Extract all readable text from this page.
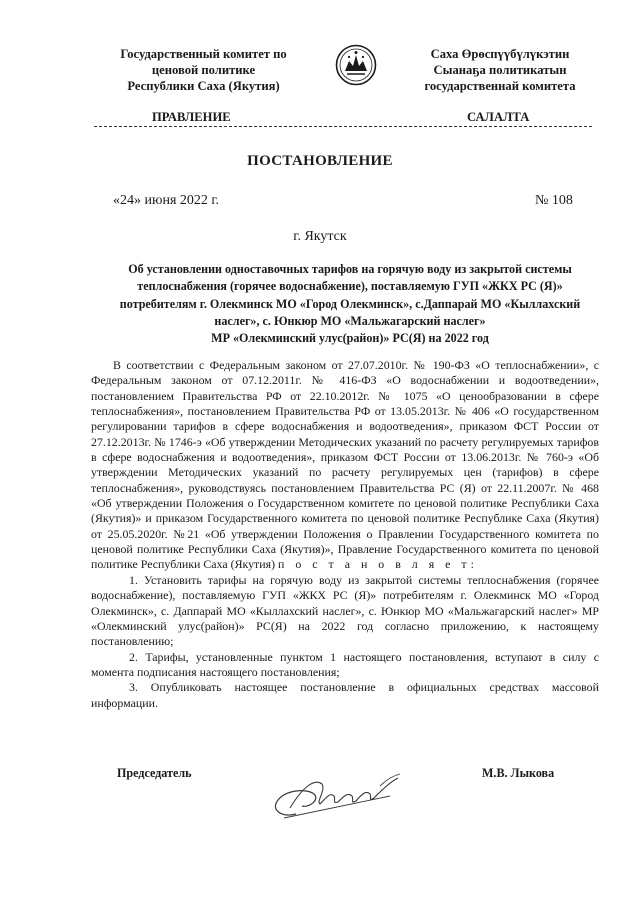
Государственный комитет по
ценовой политике
Республики Саха (Якутия)
Саха Өрөспүүбүлүкэтин
Сыанаҕа политикатын
государственнай комитета
ПРАВЛЕНИЕ	САЛАЛТА
ПОСТАНОВЛЕНИЕ
«24» июня 2022 г.	№ 108
г. Якутск
Об установлении одноставочных тарифов на горячую воду из закрытой системы
теплоснабжения (горячее водоснабжение), поставляемую ГУП «ЖКХ РС (Я)»
потребителям г. Олекминск МО «Город Олекминск», с.Даппарай МО «Кыллахский
наслег», с. Юнкюр МО «Мальжагарский наслег»
МР «Олекминский улус(район)» РС(Я) на 2022 год

В соответствии с Федеральным законом от 27.07.2010г. № 190-ФЗ «О теплоснабжении», с Федеральным законом от 07.12.2011г. № 416-ФЗ «О водоснабжении и водоотведении», постановлением Правительства РФ от 22.10.2012г. № 1075 «О ценообразовании в сфере теплоснабжения», постановлением Правительства РФ от 13.05.2013г. № 406 «О государственном регулировании тарифов в сфере водоснабжения и водоотведения», приказом ФСТ России от 27.12.2013г. № 1746-э «Об утверждении Методических указаний по расчету регулируемых тарифов в сфере водоснабжения и водоотведения», приказом ФСТ России от 13.06.2013г. № 760-э «Об утверждении Методических указаний по расчету регулируемых цен (тарифов) в сфере теплоснабжения», руководствуясь постановлением Правительства РС (Я) от 22.11.2007г. № 468 «Об утверждении Положения о Государственном комитете по ценовой политике Республики Саха (Якутия)» и приказом Государственного комитета по ценовой политике Республике Саха (Якутия) от 25.05.2020г. №21 «Об утверждении Положения о Правлении Государственного комитета по ценовой политике Республики Саха (Якутия)», Правление Государственного комитета по ценовой политике Республики Саха (Якутия) п о с т а н о в л я е т:

1. Установить тарифы на горячую воду из закрытой системы теплоснабжения (горячее водоснабжение), поставляемую ГУП «ЖКХ РС (Я)» потребителям г. Олекминск МО «Город Олекминск», с. Даппарай МО «Кыллахский наслег», с. Юнкюр МО «Мальжагарский наслег» МР «Олекминский улус(район)» РС(Я) на 2022 год согласно приложению, к настоящему постановлению;

2. Тарифы, установленные пунктом 1 настоящего постановления, вступают в силу с момента подписания настоящего постановления;

3. Опубликовать настоящее постановление в официальных средствах массовой информации.

Председатель	М.В. Лыкова
